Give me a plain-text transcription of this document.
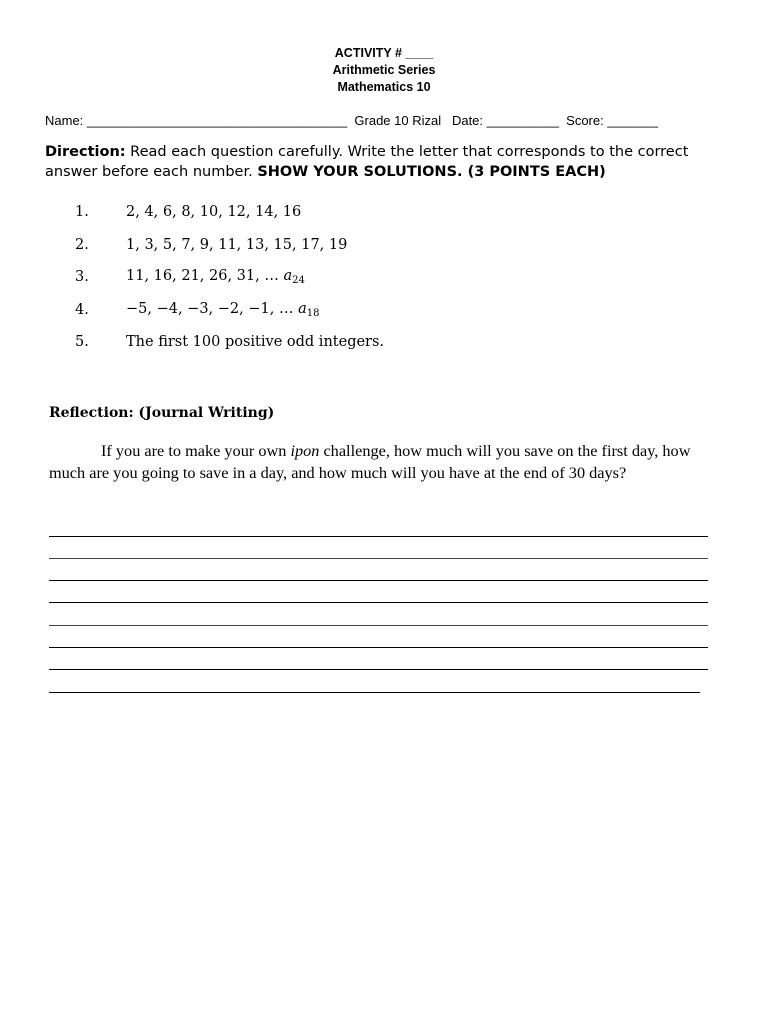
ACTIVITY # ____
Arithmetic Series
Mathematics 10
Name: ____________________________________  Grade 10 Rizal   Date: __________  Score: _______
Direction: Read each question carefully. Write the letter that corresponds to the correct answer before each number. SHOW YOUR SOLUTIONS. (3 POINTS EACH)
1.	2, 4, 6, 8, 10, 12, 14, 16
2.	1, 3, 5, 7, 9, 11, 13, 15, 17, 19
3.	11, 16, 21, 26, 31, … $a_{24}$
4.	−5, −4, −3, −2, −1, … $a_{18}$
5.	The first 100 positive odd integers.
Reflection: (Journal Writing)
If you are to make your own ipon challenge, how much will you save on the first day, how much are you going to save in a day, and how much will you have at the end of 30 days?
